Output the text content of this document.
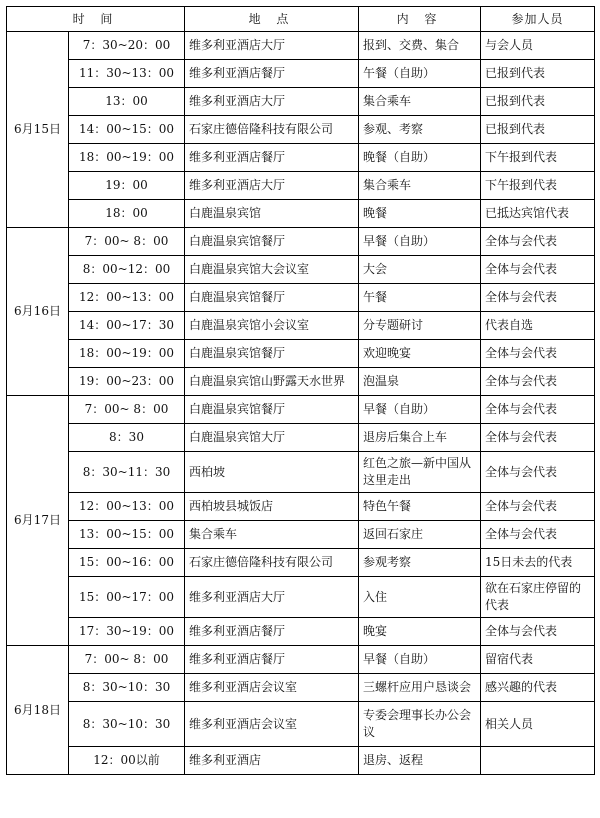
时 间		地 点	内 容	参加人员
6月15日	7：30~20：00	维多利亚酒店大厅	报到、交费、集合	与会人员
	11：30~13：00	维多利亚酒店餐厅	午餐（自助）	已报到代表
	13：00	维多利亚酒店大厅	集合乘车	已报到代表
	14：00~15：00	石家庄德倍隆科技有限公司	参观、考察	已报到代表
	18：00~19：00	维多利亚酒店餐厅	晚餐（自助）	下午报到代表
	19：00	维多利亚酒店大厅	集合乘车	下午报到代表
	18：00	白鹿温泉宾馆	晚餐	已抵达宾馆代表
6月16日	7：00~ 8：00	白鹿温泉宾馆餐厅	早餐（自助）	全体与会代表
	8：00~12：00	白鹿温泉宾馆大会议室	大会	全体与会代表
	12：00~13：00	白鹿温泉宾馆餐厅	午餐	全体与会代表
	14：00~17：30	白鹿温泉宾馆小会议室	分专题研讨	代表自选
	18：00~19：00	白鹿温泉宾馆餐厅	欢迎晚宴	全体与会代表
	19：00~23：00	白鹿温泉宾馆山野露天水世界	泡温泉	全体与会代表
6月17日	7：00~ 8：00	白鹿温泉宾馆餐厅	早餐（自助）	全体与会代表
	8：30	白鹿温泉宾馆大厅	退房后集合上车	全体与会代表
	8：30~11：30	西柏坡	红色之旅—新中国从这里走出	全体与会代表
	12：00~13：00	西柏坡县城饭店	特色午餐	全体与会代表
	13：00~15：00	集合乘车	返回石家庄	全体与会代表
	15：00~16：00	石家庄德倍隆科技有限公司	参观考察	15日未去的代表
	15：00~17：00	维多利亚酒店大厅	入住	欲在石家庄停留的代表
	17：30~19：00	维多利亚酒店餐厅	晚宴	全体与会代表
6月18日	7：00~ 8：00	维多利亚酒店餐厅	早餐（自助）	留宿代表
	8：30~10：30	维多利亚酒店会议室	三螺杆应用户恳谈会	感兴趣的代表
	8：30~10：30	维多利亚酒店会议室	专委会理事长办公会议	相关人员
	12：00以前	维多利亚酒店	退房、返程	
